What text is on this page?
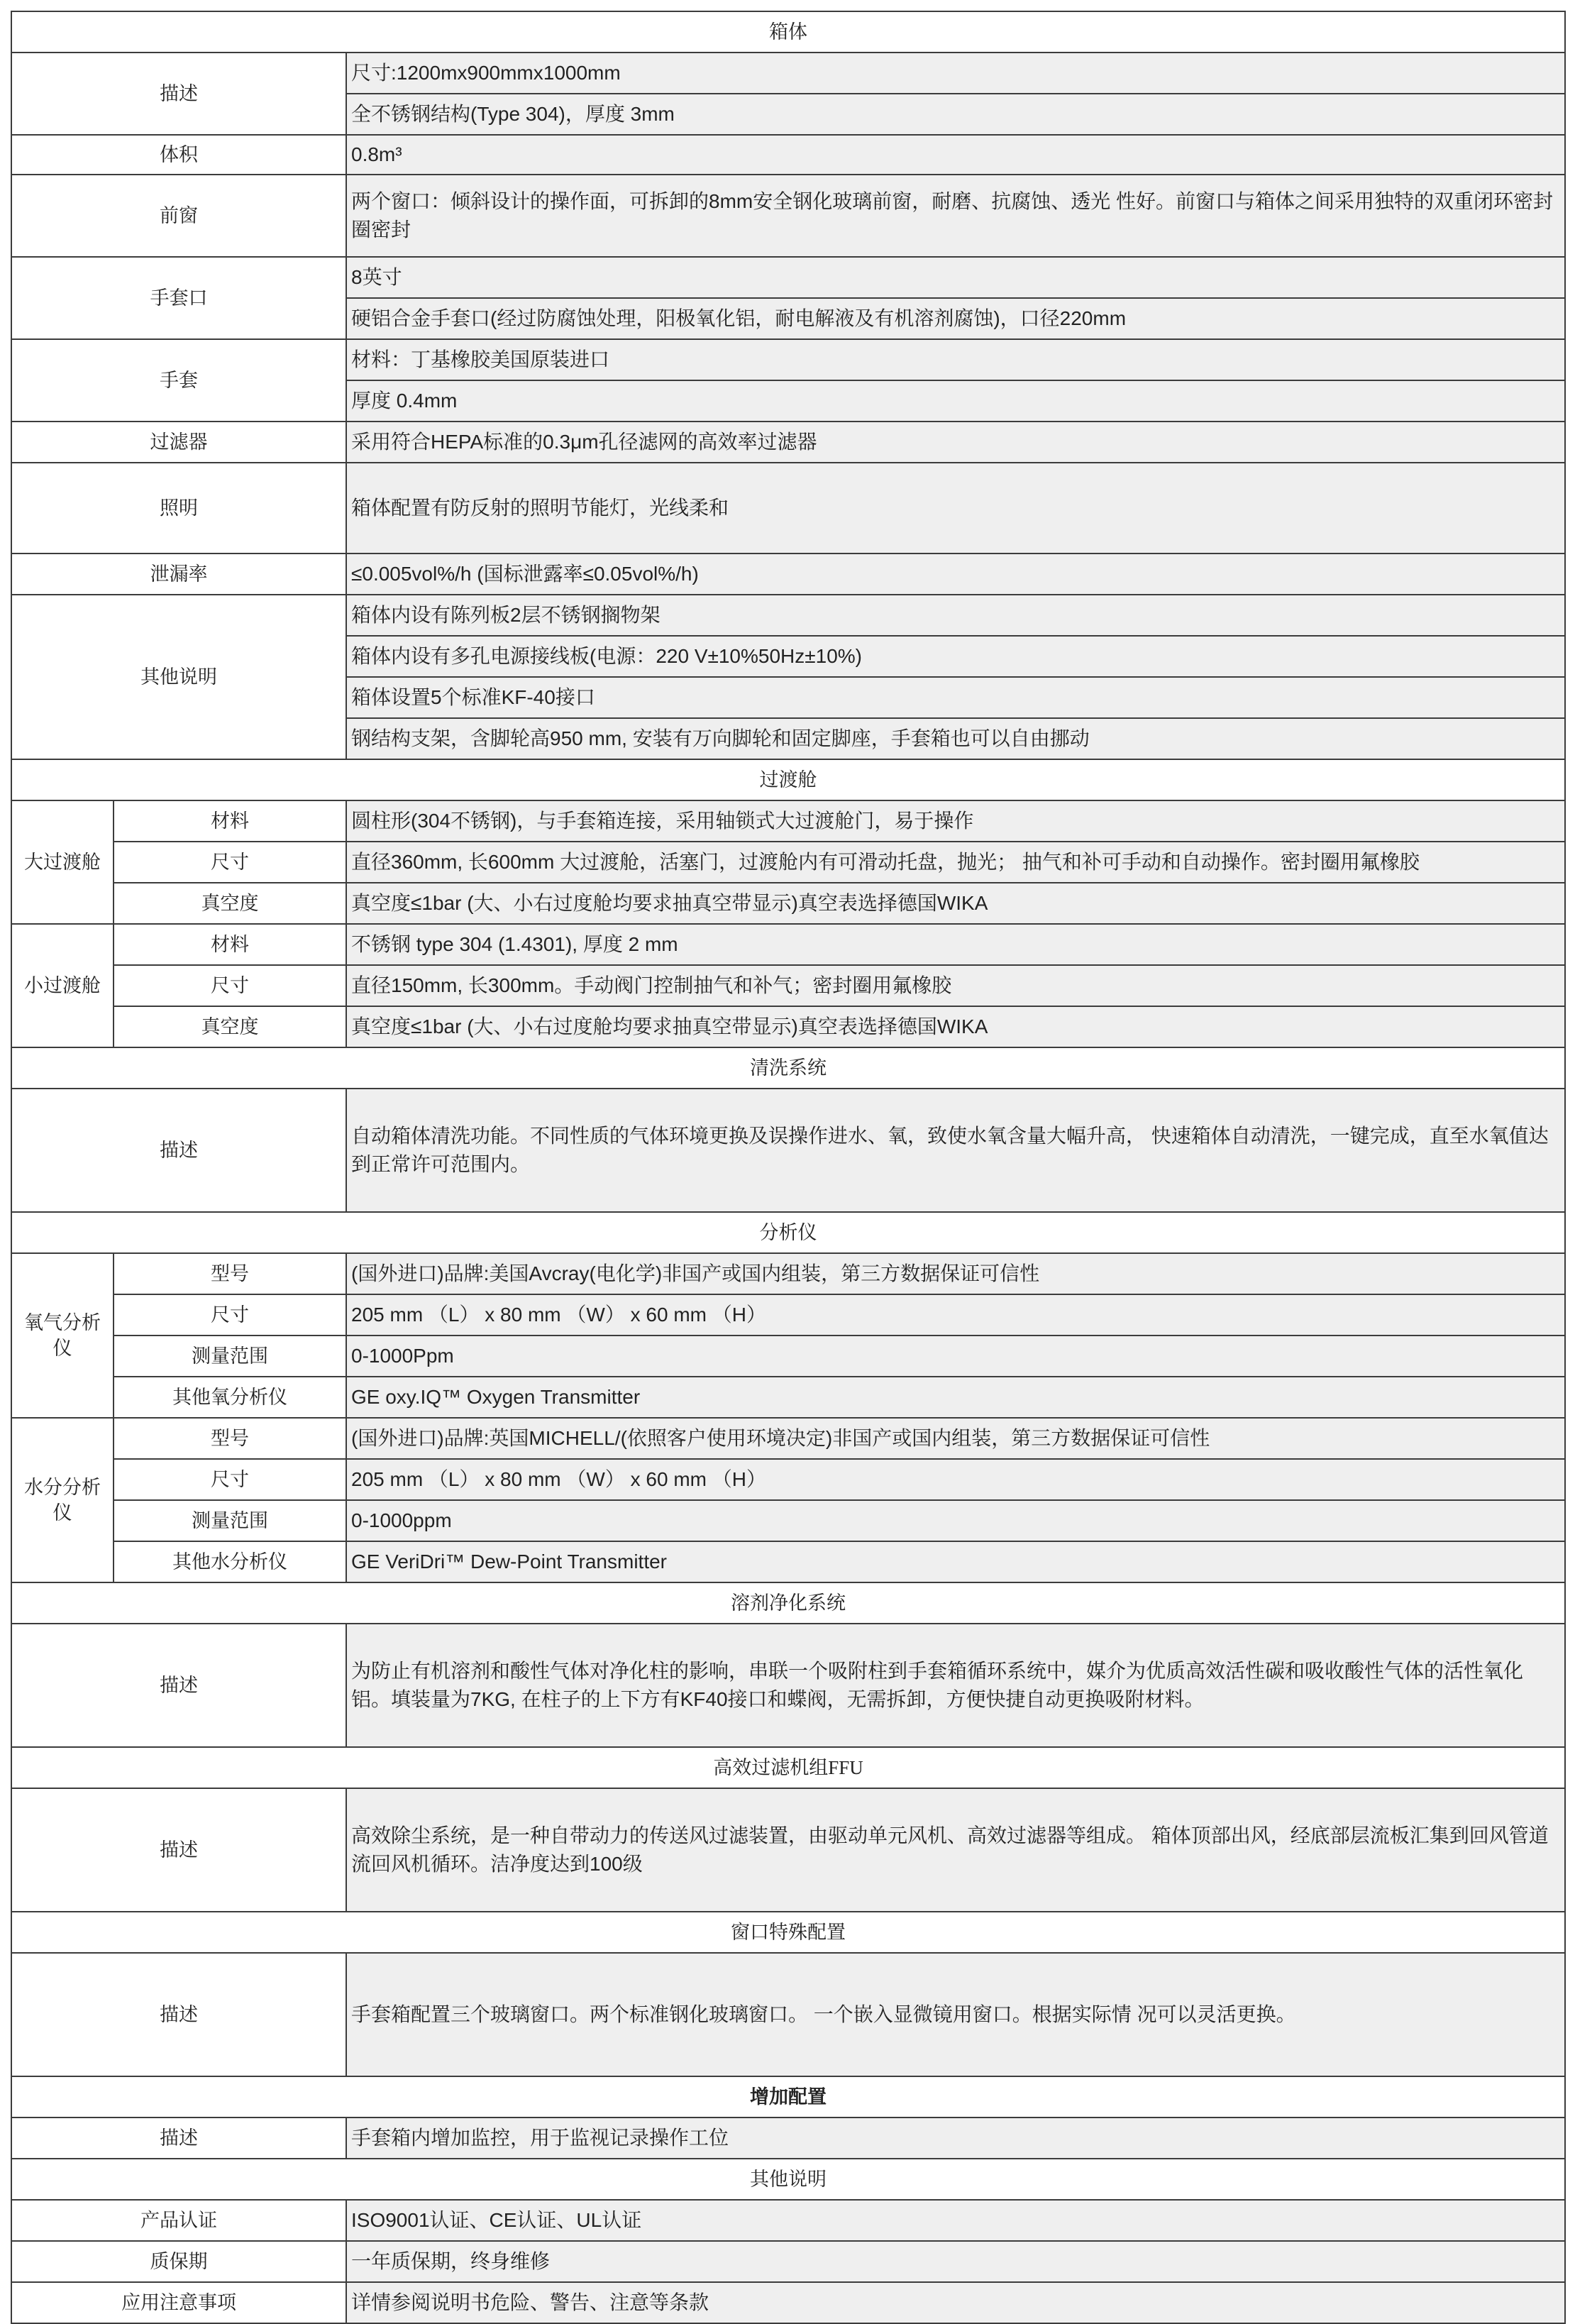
箱体		
描述		尺寸:1200mx900mmx1000mm
		全不锈钢结构(Type 304)，厚度 3mm
体积		0.8m³
前窗		两个窗口：倾斜设计的操作面，可拆卸的8mm安全钢化玻璃前窗，耐磨、抗腐蚀、透光 性好。前窗口与箱体之间采用独特的双重闭环密封圈密封
手套口		8英寸
		硬铝合金手套口(经过防腐蚀处理，阳极氧化铝，耐电解液及有机溶剂腐蚀)，口径220mm
手套		材料：丁基橡胶美国原装进口
		厚度 0.4mm
过滤器		采用符合HEPA标准的0.3μm孔径滤网的高效率过滤器
照明		箱体配置有防反射的照明节能灯，光线柔和
泄漏率		≤0.005vol%/h (国标泄露率≤0.05vol%/h)
其他说明		箱体内设有陈列板2层不锈钢搁物架
		箱体内设有多孔电源接线板(电源：220 V±10%50Hz±10%)
		箱体设置5个标准KF-40接口
		钢结构支架，含脚轮高950 mm, 安装有万向脚轮和固定脚座，手套箱也可以自由挪动
过渡舱		
大过渡舱	材料	圆柱形(304不锈钢)，与手套箱连接，采用轴锁式大过渡舱门，易于操作
	尺寸	直径360mm, 长600mm 大过渡舱，活塞门，过渡舱内有可滑动托盘，抛光； 抽气和补可手动和自动操作。密封圈用氟橡胶
	真空度	真空度≤1bar (大、小右过度舱均要求抽真空带显示)真空表选择德国WIKA
小过渡舱	材料	不锈钢 type 304 (1.4301), 厚度 2 mm
	尺寸	直径150mm, 长300mm。手动阀门控制抽气和补气；密封圈用氟橡胶
	真空度	真空度≤1bar (大、小右过度舱均要求抽真空带显示)真空表选择德国WIKA
清洗系统		
描述		自动箱体清洗功能。不同性质的气体环境更换及误操作进水、氧，致使水氧含量大幅升高， 快速箱体自动清洗，一键完成，直至水氧值达到正常许可范围内。
分析仪		
氧气分析仪	型号	(国外进口)品牌:美国Avcray(电化学)非国产或国内组装，第三方数据保证可信性
	尺寸	205 mm （L） x 80 mm （W） x 60 mm （H）
	测量范围	0-1000Ppm
	其他氧分析仪	GE oxy.IQ™ Oxygen Transmitter
水分分析仪	型号	(国外进口)品牌:英国MICHELL/(依照客户使用环境决定)非国产或国内组装，第三方数据保证可信性
	尺寸	205 mm （L） x 80 mm （W） x 60 mm （H）
	测量范围	0-1000ppm
	其他水分析仪	GE VeriDri™ Dew-Point Transmitter
溶剂净化系统		
描述		为防止有机溶剂和酸性气体对净化柱的影响，串联一个吸附柱到手套箱循环系统中，媒介为优质高效活性碳和吸收酸性气体的活性氧化铝。填装量为7KG, 在柱子的上下方有KF40接口和蝶阀，无需拆卸，方便快捷自动更换吸附材料。
高效过滤机组FFU		
描述		高效除尘系统，是一种自带动力的传送风过滤装置，由驱动单元风机、高效过滤器等组成。 箱体顶部出风，经底部层流板汇集到回风管道流回风机循环。洁净度达到100级
窗口特殊配置		
描述		手套箱配置三个玻璃窗口。两个标准钢化玻璃窗口。 一个嵌入显微镜用窗口。根据实际情 况可以灵活更换。
增加配置		
描述		手套箱内增加监控，用于监视记录操作工位
其他说明		
产品认证		ISO9001认证、CE认证、UL认证
质保期		一年质保期，终身维修
应用注意事项		详情参阅说明书危险、警告、注意等条款
